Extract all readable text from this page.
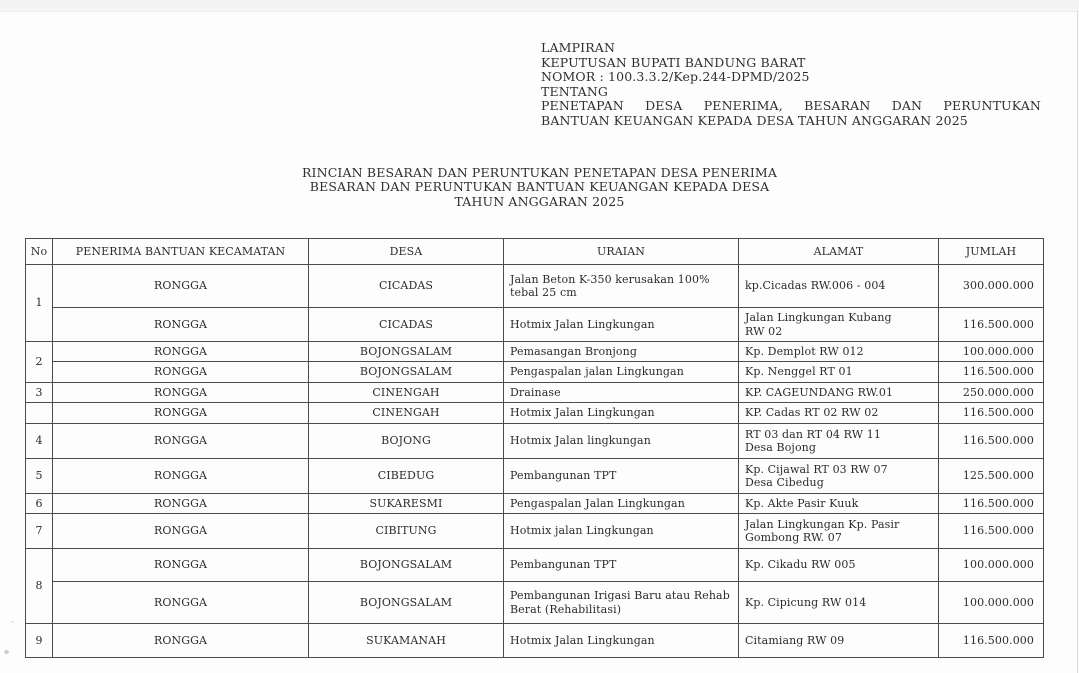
LAMPIRAN
KEPUTUSAN BUPATI BANDUNG BARAT
NOMOR : 100.3.3.2/Kep.244-DPMD/2025
TENTANG
PENETAPAN DESA PENERIMA, BESARAN DAN PERUNTUKAN
BANTUAN KEUANGAN KEPADA DESA TAHUN ANGGARAN 2025
RINCIAN BESARAN DAN PERUNTUKAN PENETAPAN DESA PENERIMA
BESARAN DAN PERUNTUKAN BANTUAN KEUANGAN KEPADA DESA
TAHUN ANGGARAN 2025
No	PENERIMA BANTUAN KECAMATAN	DESA	URAIAN	ALAMAT	JUMLAH
1	RONGGA	CICADAS	Jalan Beton K-350 kerusakan 100% tebal 25 cm	kp.Cicadas RW.006 - 004	300.000.000
	RONGGA	CICADAS	Hotmix Jalan Lingkungan	Jalan Lingkungan Kubang RW 02	116.500.000
2	RONGGA	BOJONGSALAM	Pemasangan Bronjong	Kp. Demplot RW 012	100.000.000
	RONGGA	BOJONGSALAM	Pengaspalan jalan Lingkungan	Kp. Nenggel RT 01	116.500.000
3	RONGGA	CINENGAH	Drainase	KP. CAGEUNDANG RW.01	250.000.000
	RONGGA	CINENGAH	Hotmix Jalan Lingkungan	KP. Cadas RT 02 RW 02	116.500.000
4	RONGGA	BOJONG	Hotmix Jalan lingkungan	RT 03 dan RT 04 RW 11 Desa Bojong	116.500.000
5	RONGGA	CIBEDUG	Pembangunan TPT	Kp. Cijawal RT 03 RW 07 Desa Cibedug	125.500.000
6	RONGGA	SUKARESMI	Pengaspalan Jalan Lingkungan	Kp. Akte Pasir Kuuk	116.500.000
7	RONGGA	CIBITUNG	Hotmix jalan Lingkungan	Jalan Lingkungan Kp. Pasir Gombong RW. 07	116.500.000
8	RONGGA	BOJONGSALAM	Pembangunan TPT	Kp. Cikadu RW 005	100.000.000
	RONGGA	BOJONGSALAM	Pembangunan Irigasi Baru atau Rehab Berat (Rehabilitasi)	Kp. Cipicung RW 014	100.000.000
9	RONGGA	SUKAMANAH	Hotmix Jalan Lingkungan	Citamiang RW 09	116.500.000
